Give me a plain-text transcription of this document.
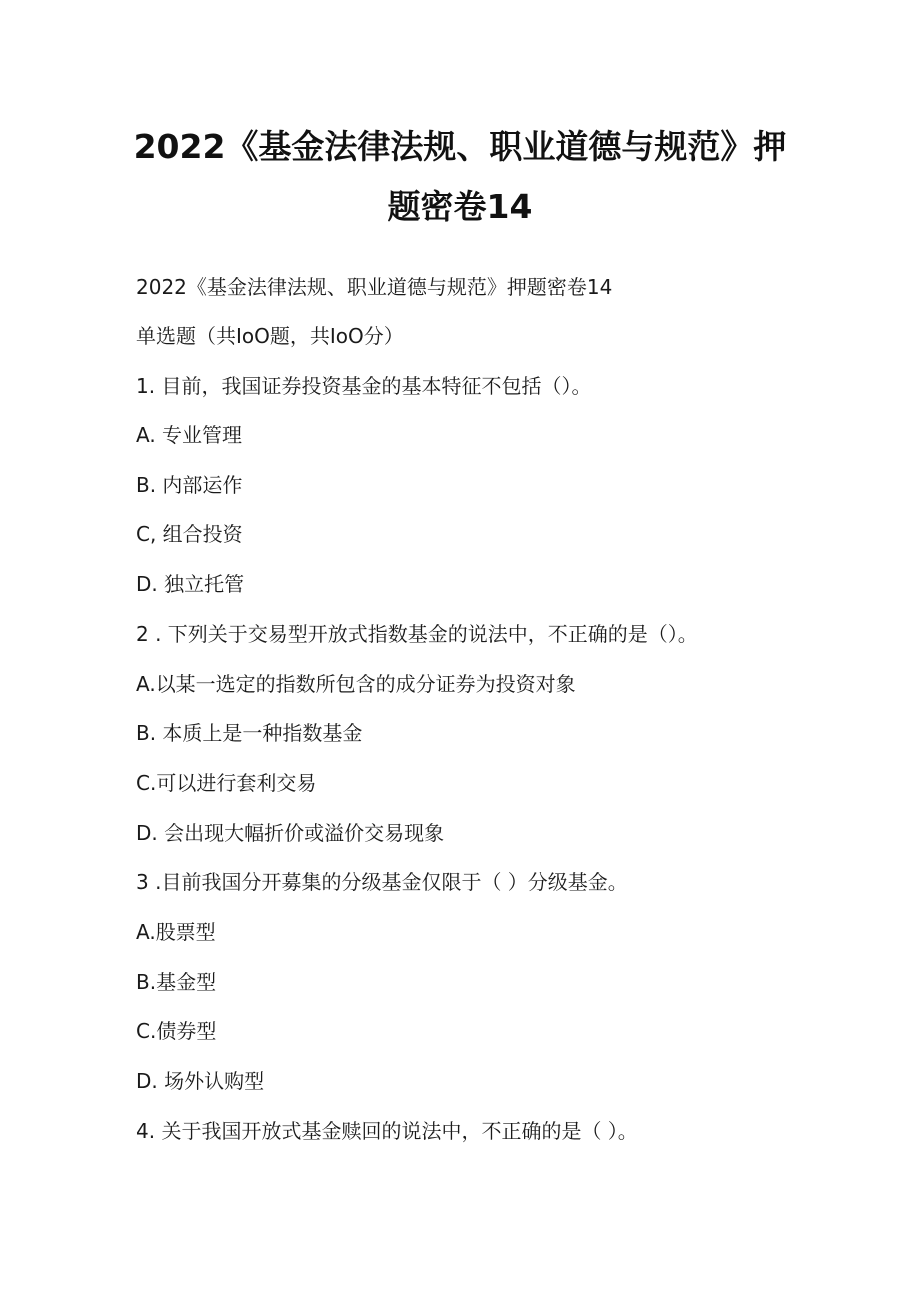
2022《基金法律法规、职业道德与规范》押
题密卷14
2022《基金法律法规、职业道德与规范》押题密卷14
单选题（共IoO题，共IoO分）
1. 目前，我国证券投资基金的基本特征不包括（）。
A. 专业管理
B. 内部运作
C, 组合投资
D. 独立托管
2 . 下列关于交易型开放式指数基金的说法中，不正确的是（）。
A.以某一选定的指数所包含的成分证券为投资对象
B. 本质上是一种指数基金
C.可以进行套利交易
D. 会出现大幅折价或溢价交易现象
3 .目前我国分开募集的分级基金仅限于（ ）分级基金。
A.股票型
B.基金型
C.债券型
D. 场外认购型
4. 关于我国开放式基金赎回的说法中，不正确的是（ ）。
